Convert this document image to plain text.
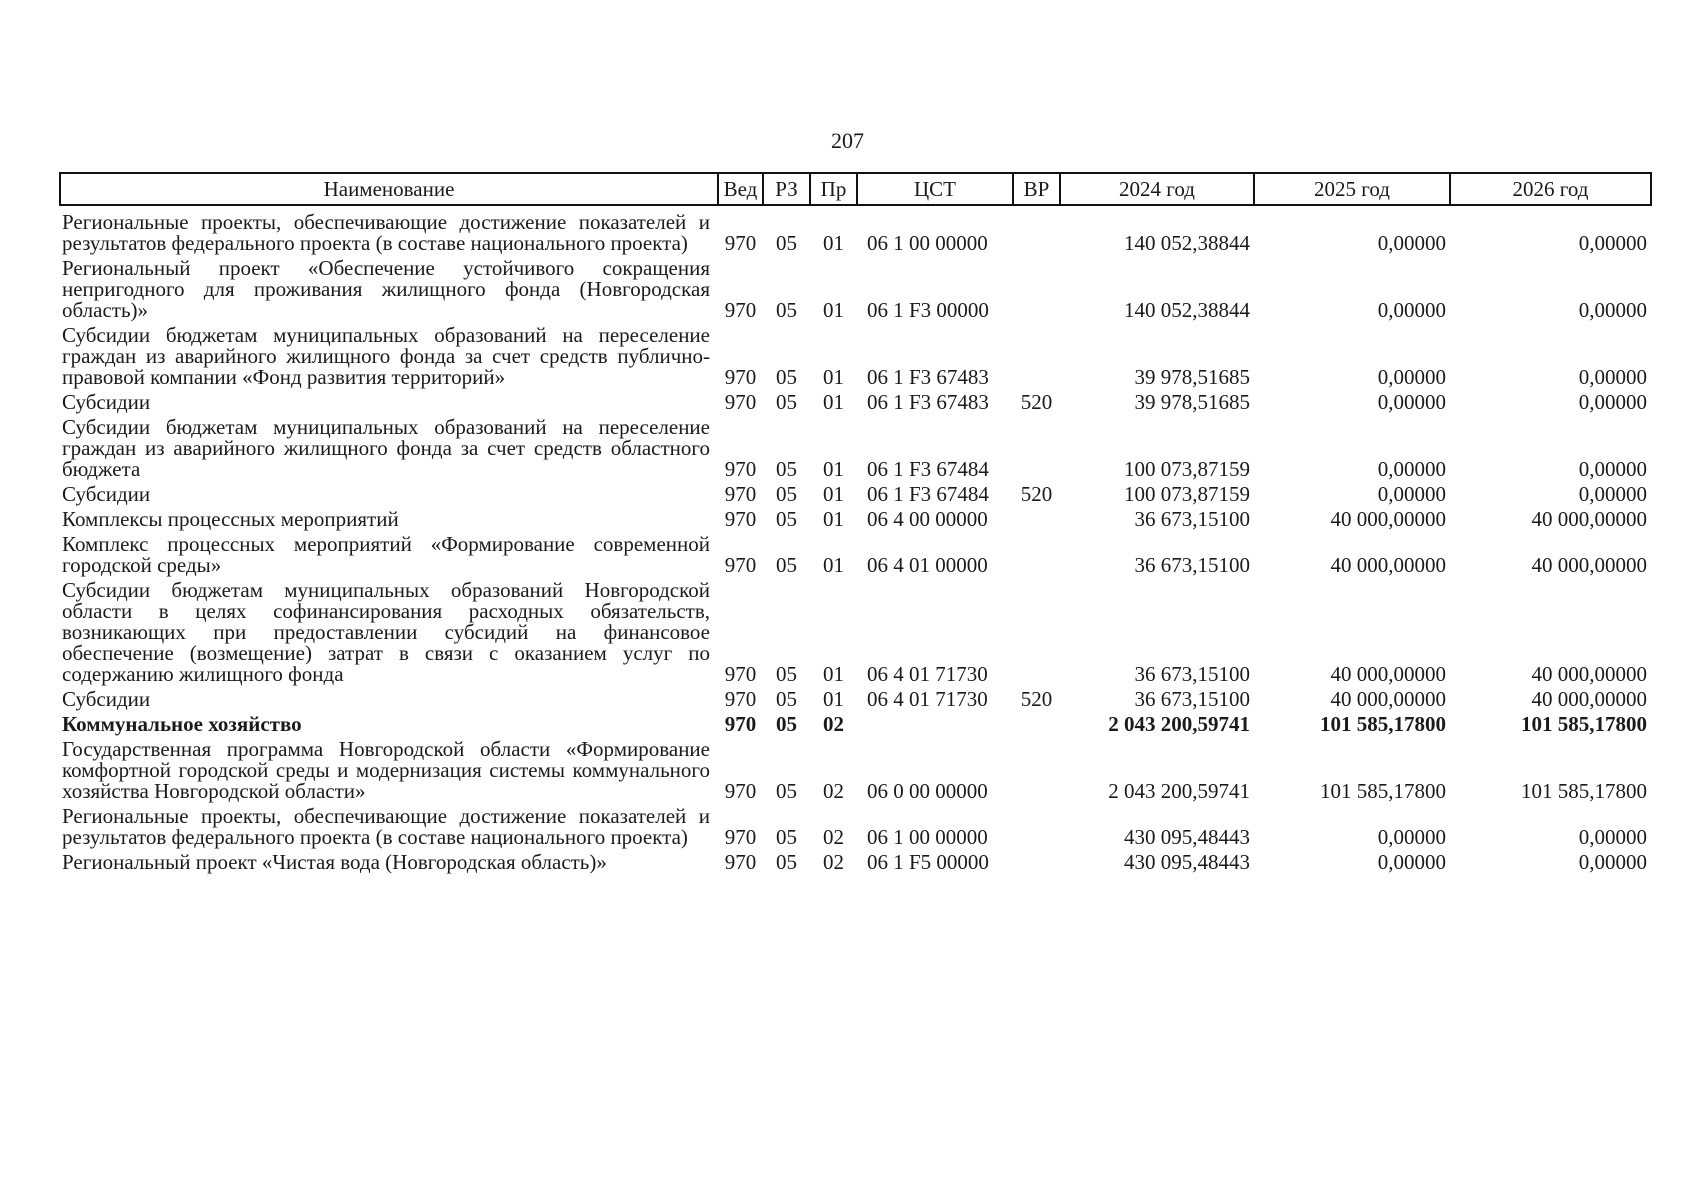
207
Наименование	Вед	РЗ	Пр	ЦСТ	ВР	2024 год	2025 год	2026 год
Региональные проекты, обеспечивающие достижение показателей и результатов федерального проекта (в составе национального проекта)	970	05	01	06 1 00 00000		140 052,38844	0,00000	0,00000
Региональный проект «Обеспечение устойчивого сокращения непригодного для проживания жилищного фонда (Новгородская область)»	970	05	01	06 1 F3 00000		140 052,38844	0,00000	0,00000
Субсидии бюджетам муниципальных образований на переселение граждан из аварийного жилищного фонда за счет средств публично-правовой компании «Фонд развития территорий»	970	05	01	06 1 F3 67483		39 978,51685	0,00000	0,00000
Субсидии	970	05	01	06 1 F3 67483	520	39 978,51685	0,00000	0,00000
Субсидии бюджетам муниципальных образований на переселение граждан из аварийного жилищного фонда за счет средств областного бюджета	970	05	01	06 1 F3 67484		100 073,87159	0,00000	0,00000
Субсидии	970	05	01	06 1 F3 67484	520	100 073,87159	0,00000	0,00000
Комплексы процессных мероприятий	970	05	01	06 4 00 00000		36 673,15100	40 000,00000	40 000,00000
Комплекс процессных мероприятий «Формирование современной городской среды»	970	05	01	06 4 01 00000		36 673,15100	40 000,00000	40 000,00000
Субсидии бюджетам муниципальных образований Новгородской области в целях софинансирования расходных обязательств, возникающих при предоставлении субсидий на финансовое обеспечение (возмещение) затрат в связи с оказанием услуг по содержанию жилищного фонда	970	05	01	06 4 01 71730		36 673,15100	40 000,00000	40 000,00000
Субсидии	970	05	01	06 4 01 71730	520	36 673,15100	40 000,00000	40 000,00000
Коммунальное хозяйство	970	05	02			2 043 200,59741	101 585,17800	101 585,17800
Государственная программа Новгородской области «Формирование комфортной городской среды и модернизация системы коммунального хозяйства Новгородской области»	970	05	02	06 0 00 00000		2 043 200,59741	101 585,17800	101 585,17800
Региональные проекты, обеспечивающие достижение показателей и результатов федерального проекта (в составе национального проекта)	970	05	02	06 1 00 00000		430 095,48443	0,00000	0,00000
Региональный проект «Чистая вода (Новгородская область)»	970	05	02	06 1 F5 00000		430 095,48443	0,00000	0,00000
